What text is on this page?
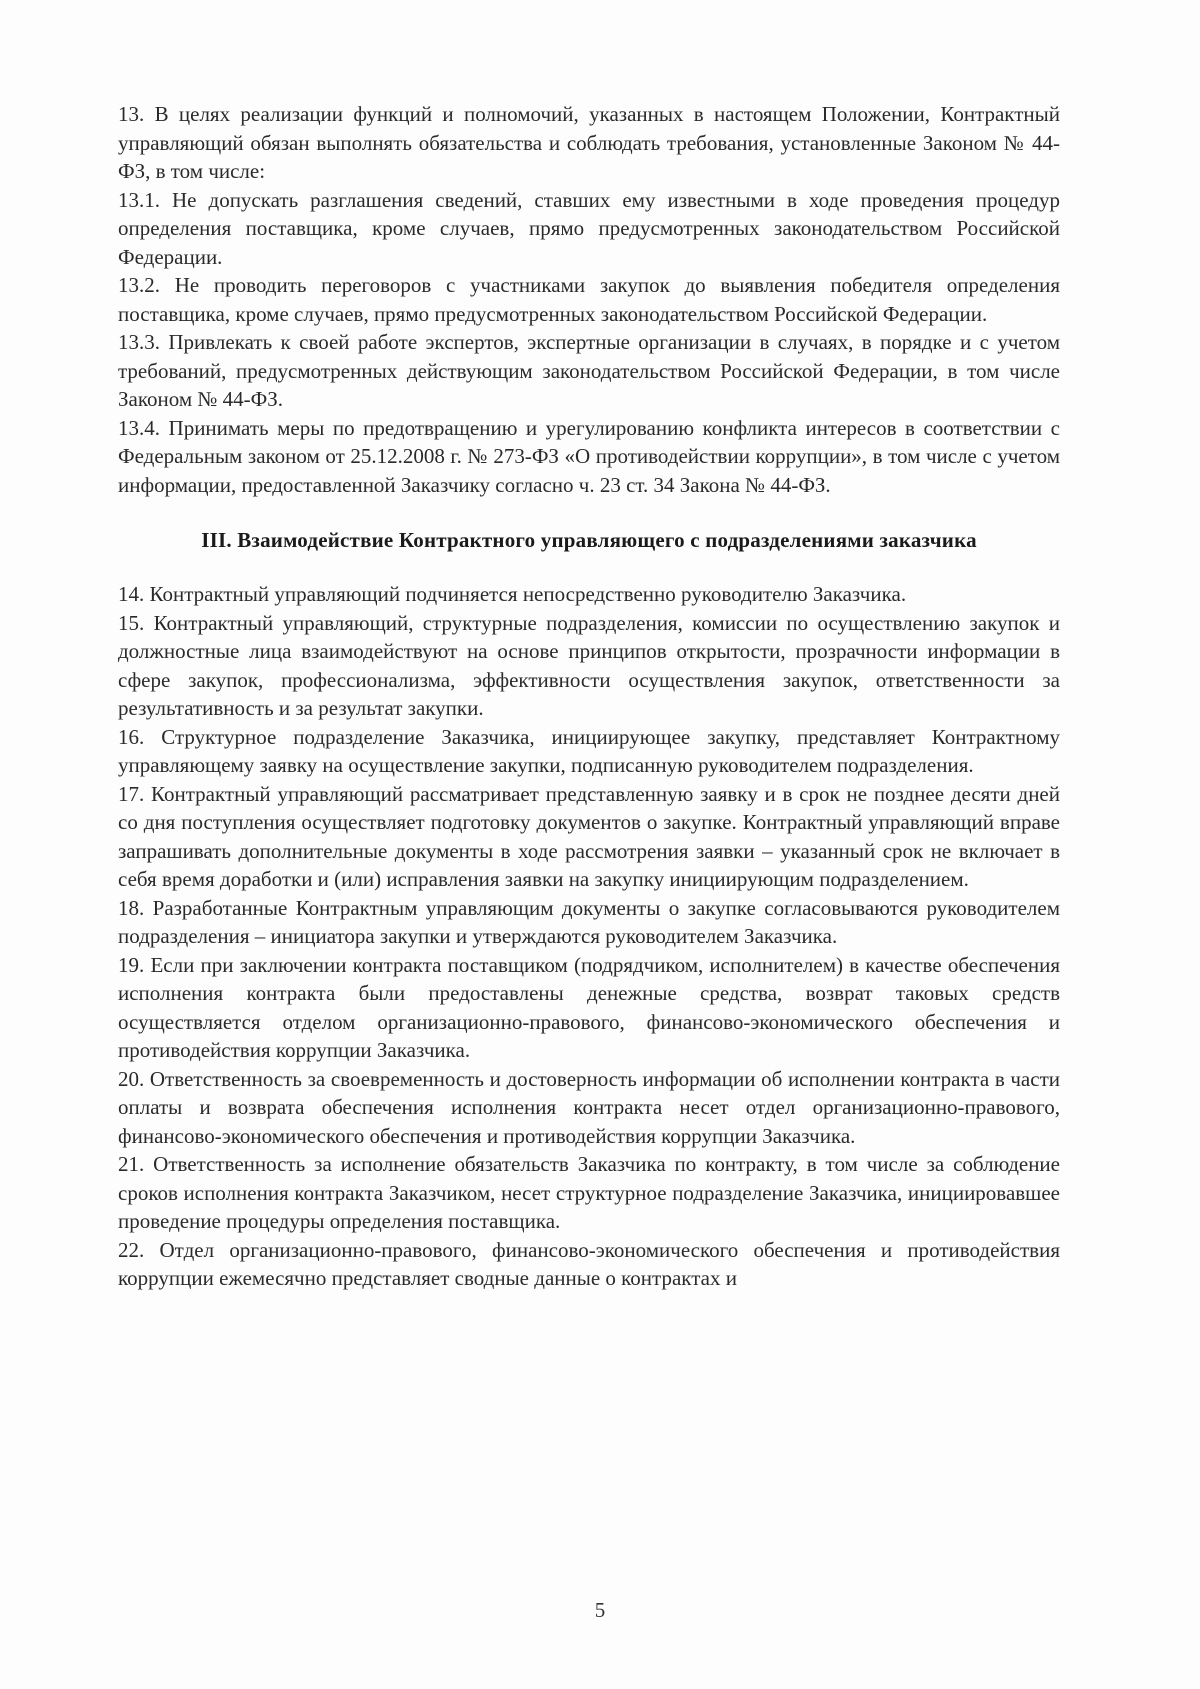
13. В целях реализации функций и полномочий, указанных в настоящем Положении, Контрактный управляющий обязан выполнять обязательства и соблюдать требования, установленные Законом № 44-ФЗ, в том числе:

13.1. Не допускать разглашения сведений, ставших ему известными в ходе проведения процедур определения поставщика, кроме случаев, прямо предусмотренных законодательством Российской Федерации.

13.2. Не проводить переговоров с участниками закупок до выявления победителя определения поставщика, кроме случаев, прямо предусмотренных законодательством Российской Федерации.

13.3. Привлекать к своей работе экспертов, экспертные организации в случаях, в порядке и с учетом требований, предусмотренных действующим законодательством Российской Федерации, в том числе Законом № 44-ФЗ.

13.4. Принимать меры по предотвращению и урегулированию конфликта интересов в соответствии с Федеральным законом от 25.12.2008 г. № 273-ФЗ «О противодействии коррупции», в том числе с учетом информации, предоставленной Заказчику согласно ч. 23 ст. 34 Закона № 44-ФЗ.

III. Взаимодействие Контрактного управляющего с подразделениями заказчика

14. Контрактный управляющий подчиняется непосредственно руководителю Заказчика.

15. Контрактный управляющий, структурные подразделения, комиссии по осуществлению закупок и должностные лица взаимодействуют на основе принципов открытости, прозрачности информации в сфере закупок, профессионализма, эффективности осуществления закупок, ответственности за результативность и за результат закупки.

16. Структурное подразделение Заказчика, инициирующее закупку, представляет Контрактному управляющему заявку на осуществление закупки, подписанную руководителем подразделения.

17. Контрактный управляющий рассматривает представленную заявку и в срок не позднее десяти дней со дня поступления осуществляет подготовку документов о закупке. Контрактный управляющий вправе запрашивать дополнительные документы в ходе рассмотрения заявки – указанный срок не включает в себя время доработки и (или) исправления заявки на закупку инициирующим подразделением.

18. Разработанные Контрактным управляющим документы о закупке согласовываются руководителем подразделения – инициатора закупки и утверждаются руководителем Заказчика.

19. Если при заключении контракта поставщиком (подрядчиком, исполнителем) в качестве обеспечения исполнения контракта были предоставлены денежные средства, возврат таковых средств осуществляется отделом организационно-правового, финансово-экономического обеспечения и противодействия коррупции Заказчика.

20. Ответственность за своевременность и достоверность информации об исполнении контракта в части оплаты и возврата обеспечения исполнения контракта несет отдел организационно-правового, финансово-экономического обеспечения и противодействия коррупции Заказчика.

21. Ответственность за исполнение обязательств Заказчика по контракту, в том числе за соблюдение сроков исполнения контракта Заказчиком, несет структурное подразделение Заказчика, инициировавшее проведение процедуры определения поставщика.

22. Отдел организационно-правового, финансово-экономического обеспечения и противодействия коррупции ежемесячно представляет сводные данные о контрактах и

5
